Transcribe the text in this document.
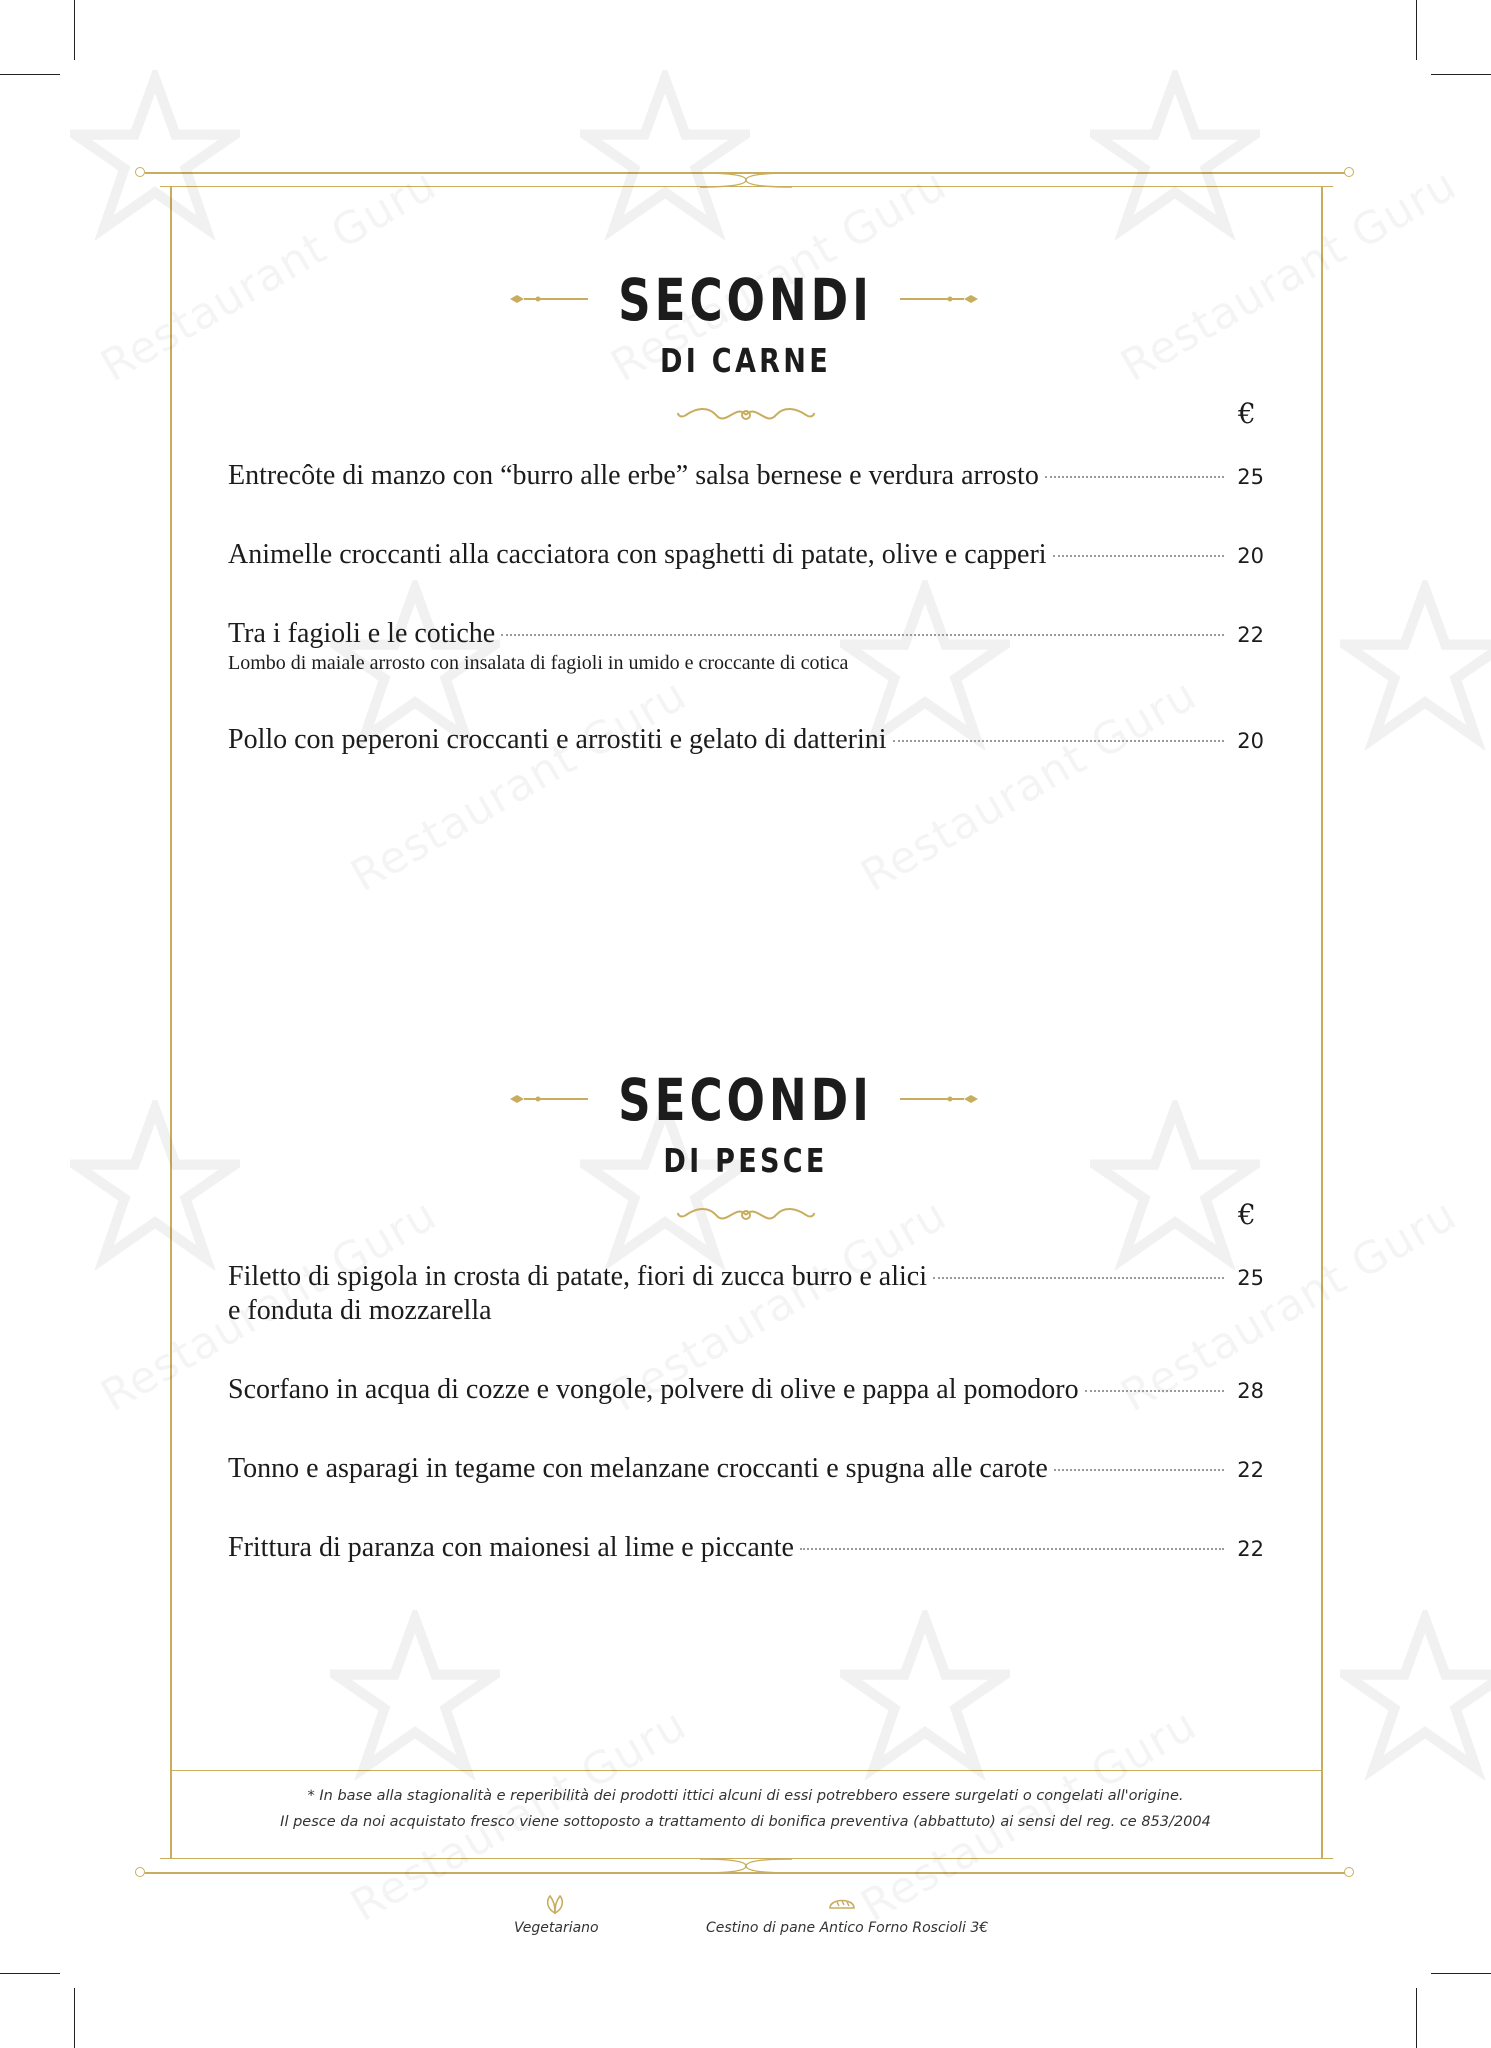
SECONDI
DI CARNE
€
Entrecôte di manzo con “burro alle erbe” salsa bernese e verdura arrosto	25
Animelle croccanti alla cacciatora con spaghetti di patate, olive e capperi	20
Tra i fagioli e le cotiche	22
Lombo di maiale arrosto con insalata di fagioli in umido e croccante di cotica
Pollo con peperoni croccanti e arrostiti e gelato di datterini	20
SECONDI
DI PESCE
€
Filetto di spigola in crosta di patate, fiori di zucca burro e alici	25
e fonduta di mozzarella
Scorfano in acqua di cozze e vongole, polvere di olive e pappa al pomodoro	28
Tonno e asparagi in tegame con melanzane croccanti e spugna alle carote	22
Frittura di paranza con maionesi al lime e piccante	22
* In base alla stagionalità e reperibilità dei prodotti ittici alcuni di essi potrebbero essere surgelati o congelati all'origine.
Il pesce da noi acquistato fresco viene sottoposto a trattamento di bonifica preventiva (abbattuto) ai sensi del reg. ce 853/2004
Vegetariano	Cestino di pane Antico Forno Roscioli 3€
